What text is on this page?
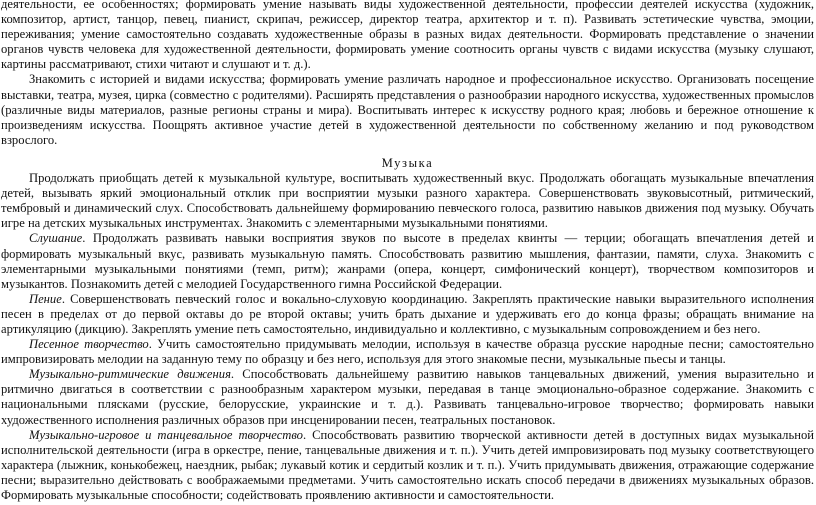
деятельности, ее особенностях; формировать умение называть виды художественной деятельности, профессии деятелей искусства (художник, композитор, артист, танцор, певец, пианист, скрипач, режиссер, директор театра, архитектор и т. п). Развивать эстетические чувства, эмоции, переживания; умение самостоятельно создавать художественные образы в разных видах деятельности. Формировать представление о значении органов чувств человека для художественной деятельности, формировать умение соотносить органы чувств с видами искусства (музыку слушают, картины рассматривают, стихи читают и слушают и т. д.).

Знакомить с историей и видами искусства; формировать умение различать народное и профессиональное искусство. Организовать посещение выставки, театра, музея, цирка (совместно с родителями). Расширять представления о разнообразии народного искусства, художественных промыслов (различные виды материалов, разные регионы страны и мира). Воспитывать интерес к искусству родного края; любовь и бережное отношение к произведениям искусства. Поощрять активное участие детей в художественной деятельности по собственному желанию и под руководством взрослого.

Музыка

Продолжать приобщать детей к музыкальной культуре, воспитывать художественный вкус. Продолжать обогащать музыкальные впечатления детей, вызывать яркий эмоциональный отклик при восприятии музыки разного характера. Совершенствовать звуковысотный, ритмический, тембровый и динамический слух. Способствовать дальнейшему формированию певческого голоса, развитию навыков движения под музыку. Обучать игре на детских музыкальных инструментах. Знакомить с элементарными музыкальными понятиями.

Слушание. Продолжать развивать навыки восприятия звуков по высоте в пределах квинты — терции; обогащать впечатления детей и формировать музыкальный вкус, развивать музыкальную память. Способствовать развитию мышления, фантазии, памяти, слуха. Знакомить с элементарными музыкальными понятиями (темп, ритм); жанрами (опера, концерт, симфонический концерт), творчеством композиторов и музыкантов. Познакомить детей с мелодией Государственного гимна Российской Федерации.

Пение. Совершенствовать певческий голос и вокально-слуховую координацию. Закреплять практические навыки выразительного исполнения песен в пределах от до первой октавы до ре второй октавы; учить брать дыхание и удерживать его до конца фразы; обращать внимание на артикуляцию (дикцию). Закреплять умение петь самостоятельно, индивидуально и коллективно, с музыкальным сопровождением и без него.

Песенное творчество. Учить самостоятельно придумывать мелодии, используя в качестве образца русские народные песни; самостоятельно импровизировать мелодии на заданную тему по образцу и без него, используя для этого знакомые песни, музыкальные пьесы и танцы.

Музыкально-ритмические движения. Способствовать дальнейшему развитию навыков танцевальных движений, умения выразительно и ритмично двигаться в соответствии с разнообразным характером музыки, передавая в танце эмоционально-образное содержание. Знакомить с национальными плясками (русские, белорусские, украинские и т. д.). Развивать танцевально-игровое творчество; формировать навыки художественного исполнения различных образов при инсценировании песен, театральных постановок.

Музыкально-игровое и танцевальное творчество. Способствовать развитию творческой активности детей в доступных видах музыкальной исполнительской деятельности (игра в оркестре, пение, танцевальные движения и т. п.). Учить детей импровизировать под музыку соответствующего характера (лыжник, конькобежец, наездник, рыбак; лукавый котик и сердитый козлик и т. п.). Учить придумывать движения, отражающие содержание песни; выразительно действовать с воображаемыми предметами. Учить самостоятельно искать способ передачи в движениях музыкальных образов. Формировать музыкальные способности; содействовать проявлению активности и самостоятельности.
